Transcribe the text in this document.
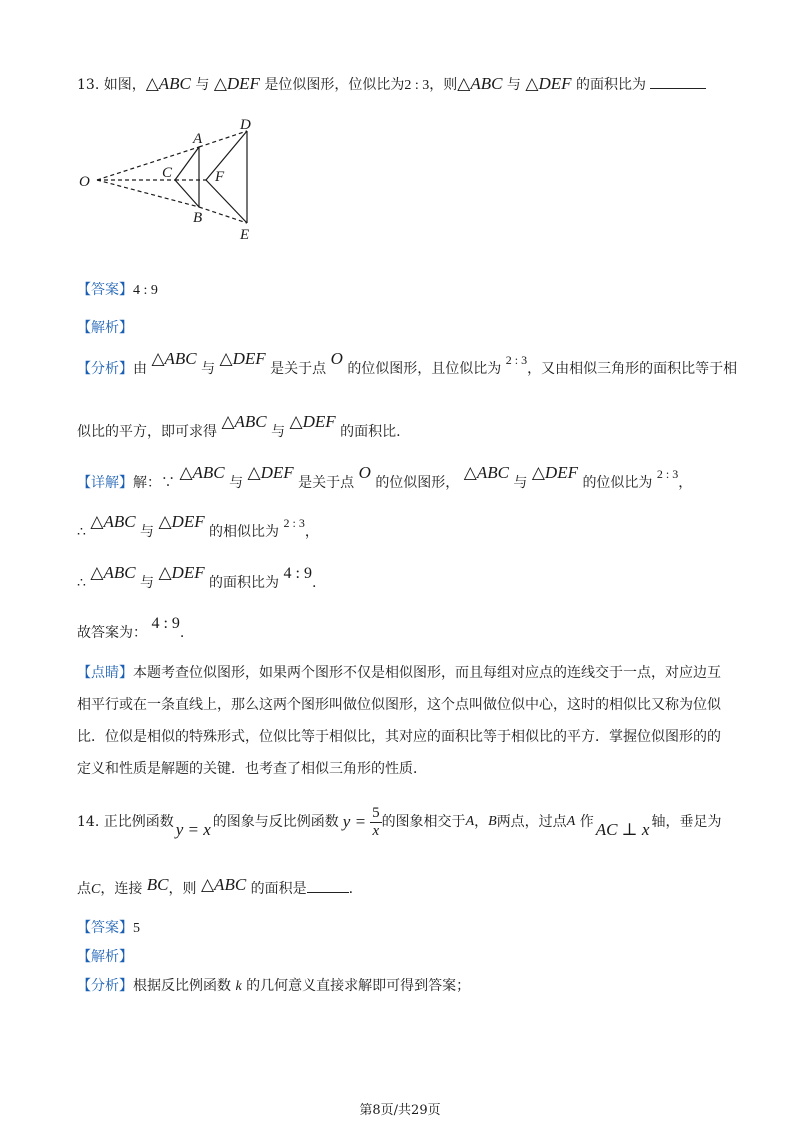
13. 如图，△ABC 与 △DEF 是位似图形，位似比为2 : 3，则△ABC 与 △DEF 的面积比为
O
A
B
C
D
E
F
【答案】4 : 9
【解析】
【分析】由 △ABC 与 △DEF 是关于点 O 的位似图形，且位似比为 2 : 3，又由相似三角形的面积比等于相
似比的平方，即可求得 △ABC 与 △DEF 的面积比.
【详解】解：∵ △ABC 与 △DEF 是关于点 O 的位似图形， △ABC 与 △DEF 的位似比为 2 : 3，
∴ △ABC 与 △DEF 的相似比为 2 : 3，
∴ △ABC 与 △DEF 的面积比为 4 : 9.
故答案为： 4 : 9.
【点睛】本题考查位似图形，如果两个图形不仅是相似图形，而且每组对应点的连线交于一点，对应边互
相平行或在一条直线上，那么这两个图形叫做位似图形，这个点叫做位似中心，这时的相似比又称为位似
比．位似是相似的特殊形式，位似比等于相似比，其对应的面积比等于相似比的平方．掌握位似图形的的
定义和性质是解题的关键．也考查了相似三角形的性质．
14.
正比例函数 y = x 的图象与反比例函数 $y = \frac{5}{x}$ 的图象相交于 A ， B 两点，过点 A
作 AC ⊥ x 轴，垂足为
点C，连接 BC，则 △ABC 的面积是	.
【答案】5
【解析】
【分析】根据反比例函数 k 的几何意义直接求解即可得到答案；
第8页/共29页
